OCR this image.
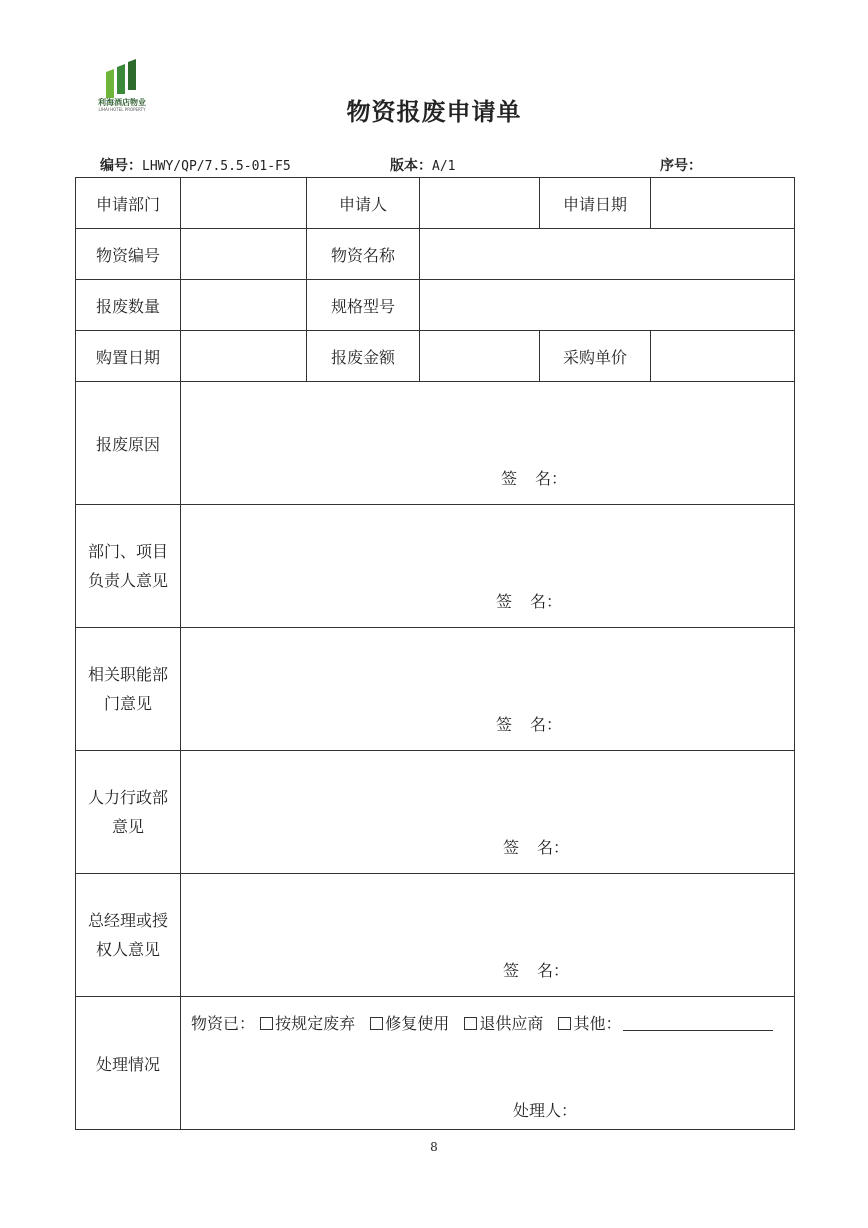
利海酒店物业
LIHAI HOTEL PROPERTY	物资报废申请单
编号：LHWY/QP/7.5.5-01-F5	版本：A/1	序号：
申请部门		申请人		申请日期	
物资编号		物资名称			
报废数量		规格型号			
购置日期		报废金额		采购单价	
报废原因	签 名：				

部门、项目
负责人意见	签 名：				

相关职能部
门意见	签 名：				

人力行政部
意见	签 名：				

总经理或授
权人意见	签 名：				

处理情况	物资已： 按规定废弃 修复使用 退供应商 其他：
处理人：				
8
